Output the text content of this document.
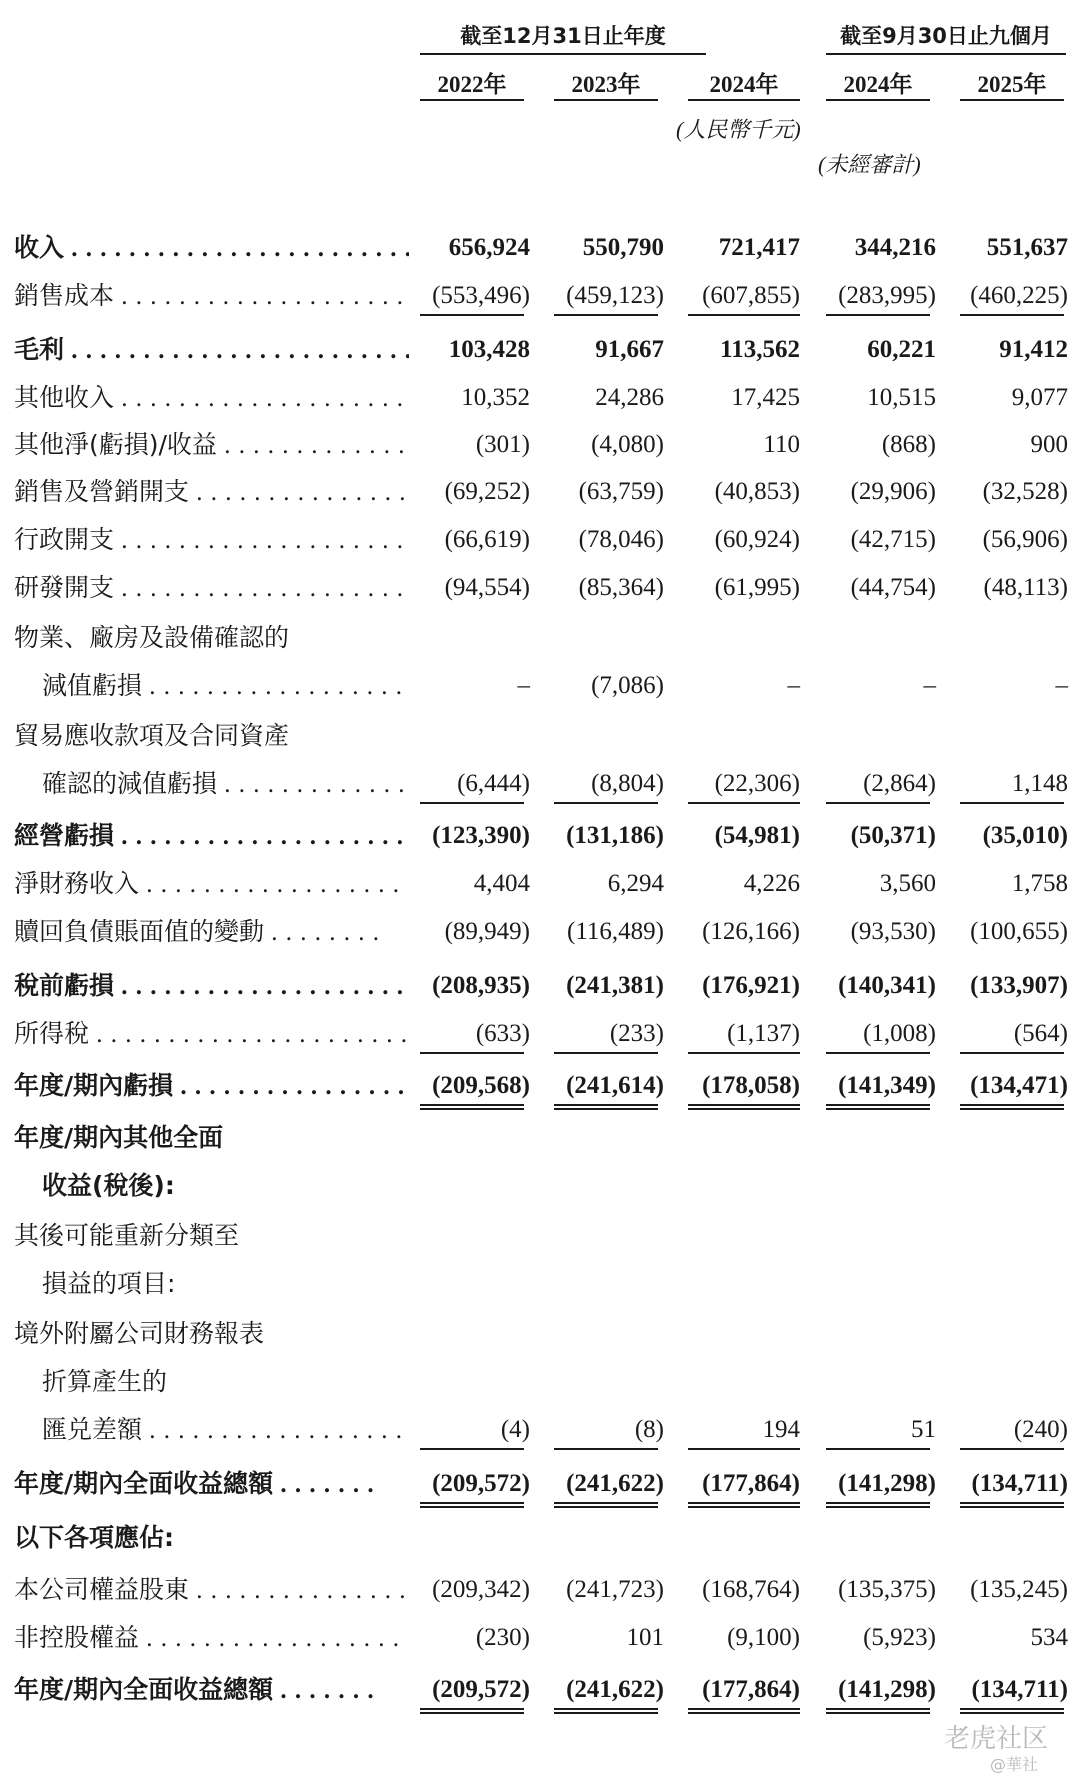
截至12月31日止年度	截至9月30日止九個月
2022年	2023年	2024年	2024年	2025年
(人民幣千元)
(未經審計)
收入 . . .	656,924 550,790 721,417 344,216 551,637
銷售成本 . . .	(553,496) (459,123) (607,855) (283,995) (460,225)
毛利 . . .	103,428	91,667 113,562	60,221	91,412
其他收入 . . .	10,352	24,286	17,425	10,515	9,077
其他淨(虧損)/收益 . . .	(301) (4,080)	110	(868)	900
銷售及營銷開支 . . .	(69,252) (63,759) (40,853) (29,906) (32,528)
行政開支 . . .	(66,619) (78,046) (60,924) (42,715) (56,906)
研發開支 . . .	(94,554) (85,364) (61,995) (44,754) (48,113)
物業、廠房及設備確認的
減值虧損 . . .	– (7,086)	–	–	–
貿易應收款項及合同資產
確認的減值虧損 . . .	(6,444) (8,804) (22,306)	(2,864)	1,148
經營虧損 . . .	(123,390) (131,186) (54,981) (50,371) (35,010)
淨財務收入 . . .	4,404	6,294	4,226	3,560	1,758
贖回負債賬面值的變動 . . .	(89,949) (116,489) (126,166) (93,530) (100,655)
稅前虧損 . . .	(208,935) (241,381) (176,921) (140,341) (133,907)
所得稅 . . .	(633)	(233)	(1,137)	(1,008)	(564)
年度/期內虧損 . . .	(209,568) (241,614) (178,058) (141,349) (134,471)
年度/期內其他全面
收益(稅後):
其後可能重新分類至
損益的項目:
境外附屬公司財務報表
折算產生的
匯兑差額 . . .	(4)	(8)	194	51	(240)
年度/期內全面收益總額 . . .	(209,572) (241,622) (177,864) (141,298) (134,711)
以下各項應佔:
本公司權益股東 . . .	(209,342) (241,723) (168,764) (135,375) (135,245)
非控股權益 . . .	(230)	101	(9,100)	(5,923)	534
年度/期內全面收益總額 . . .	(209,572) (241,622) (177,864) (141,298) (134,711)
老虎社区
@華社
